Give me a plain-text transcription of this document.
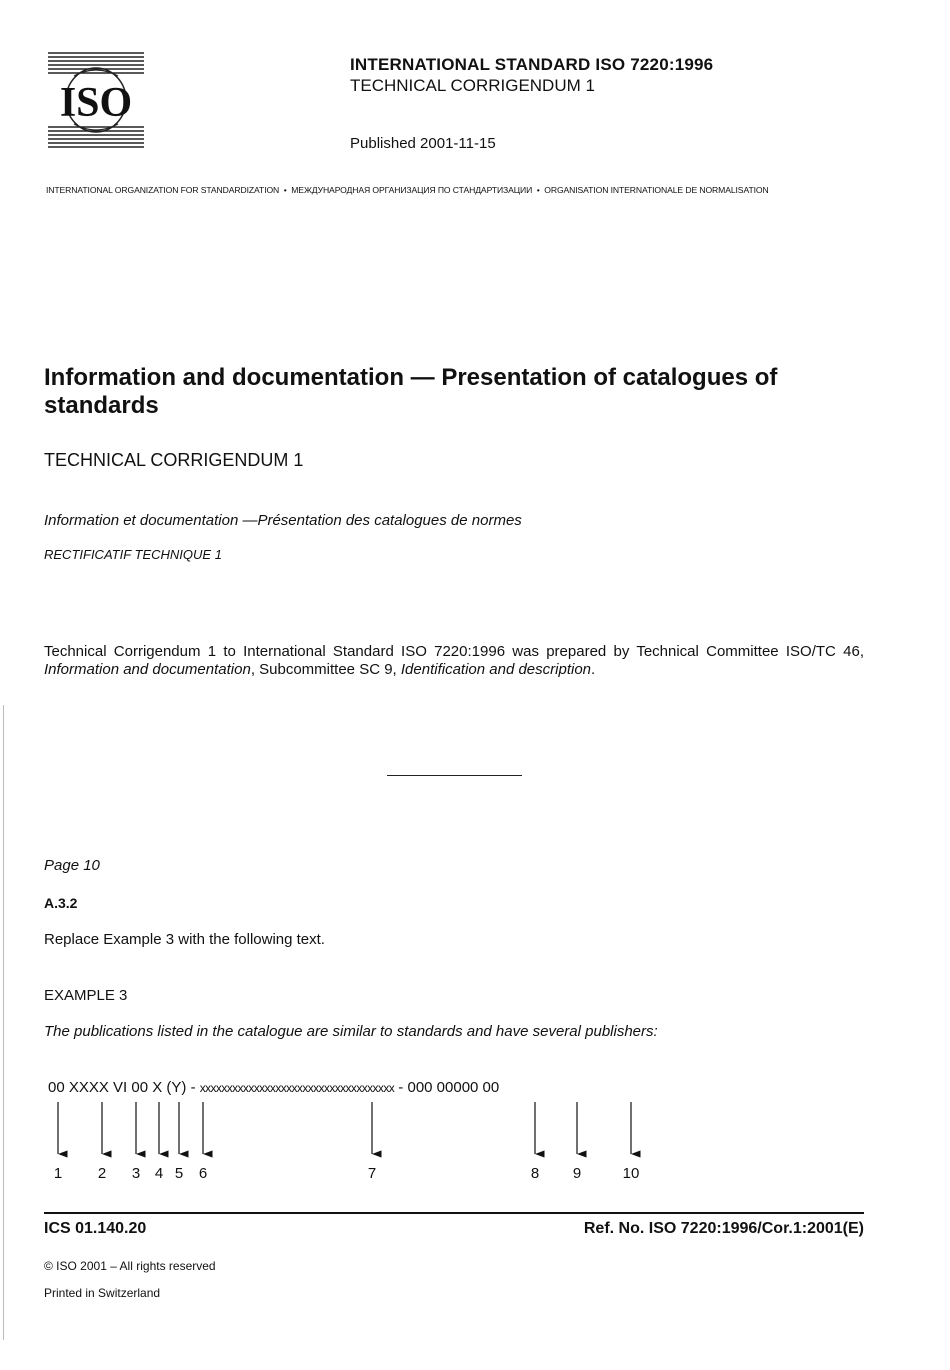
ISO
INTERNATIONAL STANDARD ISO 7220:1996
TECHNICAL CORRIGENDUM 1
Published 2001-11-15
INTERNATIONAL ORGANIZATION FOR STANDARDIZATION • МЕЖДУНАРОДНАЯ ОРГАНИЗАЦИЯ ПО СТАНДАРТИЗАЦИИ • ORGANISATION INTERNATIONALE DE NORMALISATION
Information and documentation — Presentation of catalogues of standards
TECHNICAL CORRIGENDUM 1
Information et documentation —Présentation des catalogues de normes
RECTIFICATIF TECHNIQUE 1
Technical Corrigendum 1 to International Standard ISO 7220:1996 was prepared by Technical Committee ISO/TC 46, Information and documentation, Subcommittee SC 9, Identification and description.
Page 10
A.3.2
Replace Example 3 with the following text.
EXAMPLE 3
The publications listed in the catalogue are similar to standards and have several publishers:
00 XXXX VI 00 X (Y) - xxxxxxxxxxxxxxxxxxxxxxxxxxxxxxxxxxxx - 000 00000 00
1 2 3 4 5 6	7	8 9	10
ICS 01.140.20	Ref. No. ISO 7220:1996/Cor.1:2001(E)
© ISO 2001 – All rights reserved
Printed in Switzerland
